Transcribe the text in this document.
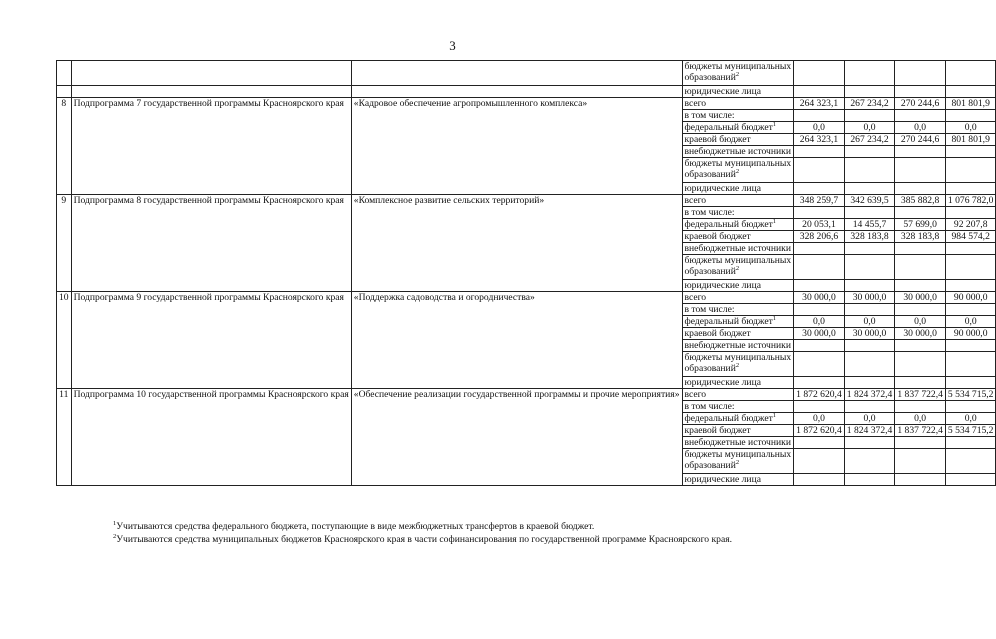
3
			бюджеты муниципальных
образований$^2$				
			юридические лица				
8	Подпрограмма 7 государственной программы Красноярского края	«Кадровое обеспечение агропромышленного комплекса»	всего	264 323,1	267 234,2	270 244,6	801 801,9
			в том числе:				
			федеральный бюджет$^1$	0,0	0,0	0,0	0,0
			краевой бюджет	264 323,1	267 234,2	270 244,6	801 801,9
			внебюджетные источники				
			бюджеты муниципальных
образований$^2$				
			юридические лица				
9	Подпрограмма 8 государственной программы Красноярского края	«Комплексное развитие сельских территорий»	всего	348 259,7	342 639,5	385 882,8	1 076 782,0
			в том числе:				
			федеральный бюджет$^1$	20 053,1	14 455,7	57 699,0	92 207,8
			краевой бюджет	328 206,6	328 183,8	328 183,8	984 574,2
			внебюджетные источники				
			бюджеты муниципальных
образований$^2$				
			юридические лица				
10	Подпрограмма 9 государственной программы Красноярского края	«Поддержка садоводства и огородничества»	всего	30 000,0	30 000,0	30 000,0	90 000,0
			в том числе:				
			федеральный бюджет$^1$	0,0	0,0	0,0	0,0
			краевой бюджет	30 000,0	30 000,0	30 000,0	90 000,0
			внебюджетные источники				
			бюджеты муниципальных
образований$^2$				
			юридические лица				
11	Подпрограмма 10 государственной программы Красноярского края	«Обеспечение реализации государственной программы и прочие мероприятия»	всего	1 872 620,4	1 824 372,4	1 837 722,4	5 534 715,2
			в том числе:				
			федеральный бюджет$^1$	0,0	0,0	0,0	0,0
			краевой бюджет	1 872 620,4	1 824 372,4	1 837 722,4	5 534 715,2
			внебюджетные источники				
			бюджеты муниципальных
образований$^2$				
			юридические лица				
$^1$Учитываются средства федерального бюджета, поступающие в виде межбюджетных трансфертов в краевой бюджет.
$^2$Учитываются средства муниципальных бюджетов Красноярского края в части софинансирования по государственной программе Красноярского края.
